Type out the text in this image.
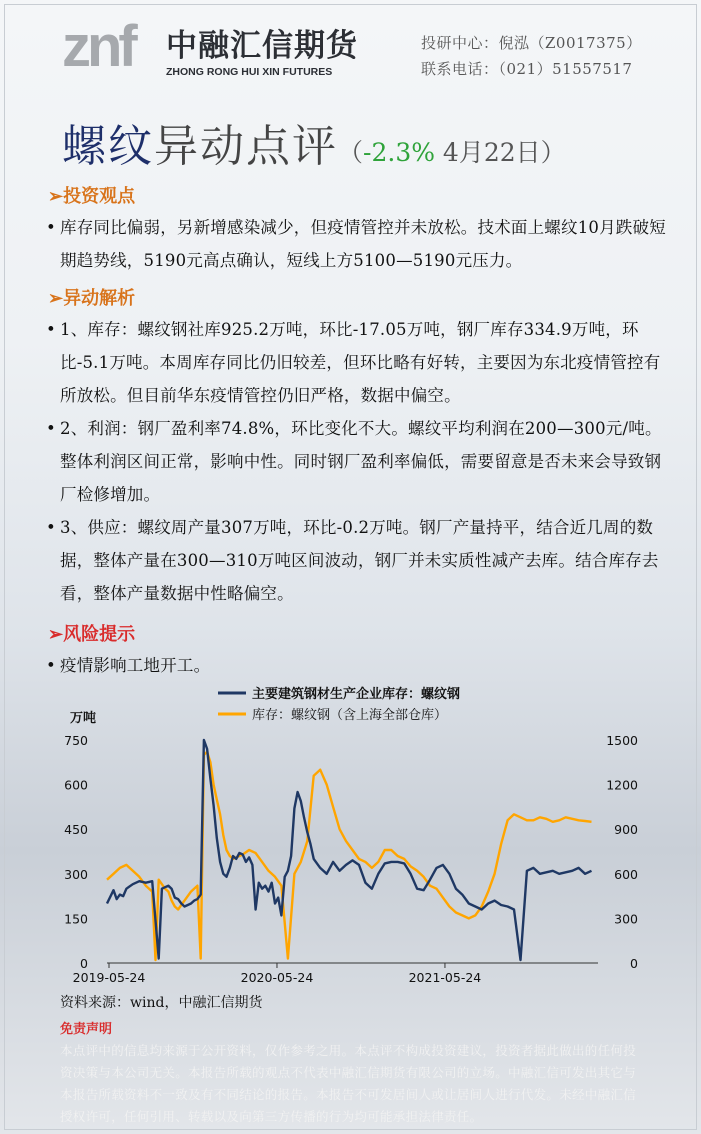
znf 中融汇信期货
ZHONG RONG HUI XIN FUTURES
投研中心：倪泓（Z0017375）
联系电话：（021）51557517
螺纹异动点评（-2.3% 4月22日）
➢投资观点
• 库存同比偏弱，另新增感染减少，但疫情管控并未放松。技术面上螺纹10月跌破短期趋势线，5190元高点确认，短线上方5100—5190元压力。
➢异动解析
• 1、库存：螺纹钢社库925.2万吨，环比-17.05万吨，钢厂库存334.9万吨，环比-5.1万吨。本周库存同比仍旧较差，但环比略有好转，主要因为东北疫情管控有所放松。但目前华东疫情管控仍旧严格，数据中偏空。
• 2、利润：钢厂盈利率74.8%，环比变化不大。螺纹平均利润在200—300元/吨。整体利润区间正常，影响中性。同时钢厂盈利率偏低，需要留意是否未来会导致钢厂检修增加。
• 3、供应：螺纹周产量307万吨，环比-0.2万吨。钢厂产量持平，结合近几周的数据，整体产量在300—310万吨区间波动，钢厂并未实质性减产去库。结合库存去看，整体产量数据中性略偏空。
➢风险提示
• 疫情影响工地开工。
主要建筑钢材生产企业库存：螺纹钢
库存：螺纹钢（含上海全部仓库）
万吨
0
150
300
450
600
750
0
300
600
900
1200
1500
2019-05-24	2020-05-24	2021-05-24
资料来源：wind，中融汇信期货
免责声明
本点评中的信息均来源于公开资料，仅作参考之用。本点评不构成投资建议，投资者据此做出的任何投资决策与本公司无关。本报告所载的观点不代表中融汇信期货有限公司的立场。中融汇信可发出其它与本报告所载资料不一致及有不同结论的报告。本报告不可发居间人或让居间人进行代发。未经中融汇信授权许可，任何引用、转载以及向第三方传播的行为均可能承担法律责任。
